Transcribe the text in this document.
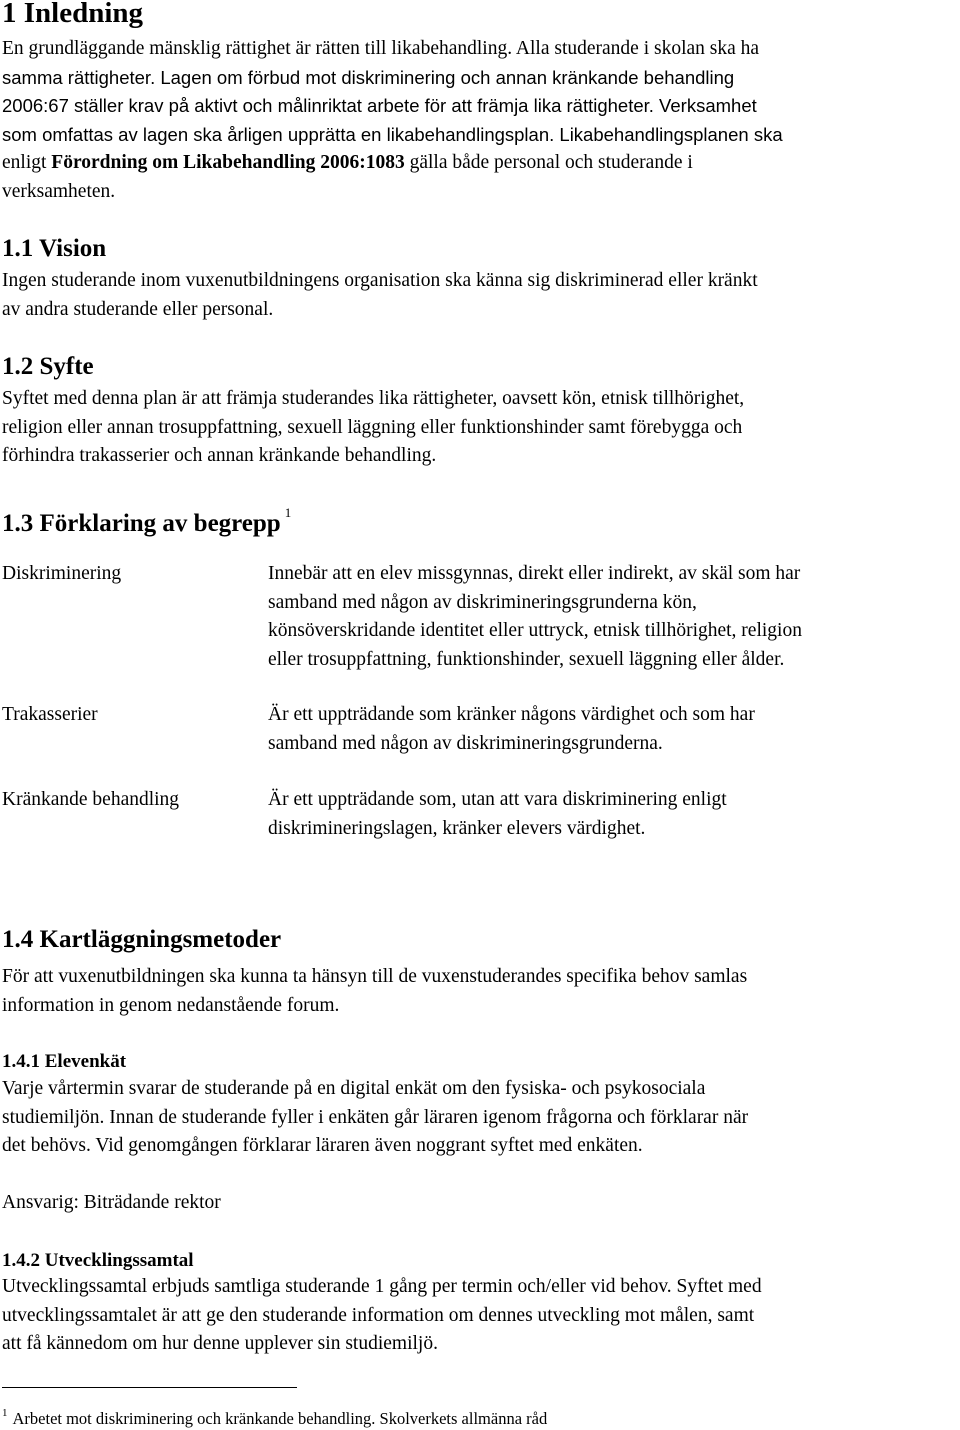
1 Inledning
En grundläggande mänsklig rättighet är rätten till likabehandling. Alla studerande i skolan ska ha
samma rättigheter. Lagen om förbud mot diskriminering och annan kränkande behandling
2006:67 ställer krav på aktivt och målinriktat arbete för att främja lika rättigheter. Verksamhet
som omfattas av lagen ska årligen upprätta en likabehandlingsplan. Likabehandlingsplanen ska
enligt Förordning om Likabehandling 2006:1083 gälla både personal och studerande i
verksamheten.
1.1 Vision
Ingen studerande inom vuxenutbildningens organisation ska känna sig diskriminerad eller kränkt
av andra studerande eller personal.
1.2 Syfte
Syftet med denna plan är att främja studerandes lika rättigheter, oavsett kön, etnisk tillhörighet,
religion eller annan trosuppfattning, sexuell läggning eller funktionshinder samt förebygga och
förhindra trakasserier och annan kränkande behandling.
1.3 Förklaring av begrepp $^1$
Diskriminering	Innebär att en elev missgynnas, direkt eller indirekt, av skäl som har
samband med någon av diskrimineringsgrunderna kön,
könsöverskridande identitet eller uttryck, etnisk tillhörighet, religion
eller trosuppfattning, funktionshinder, sexuell läggning eller ålder.
Trakasserier	Är ett uppträdande som kränker någons värdighet och som har
samband med någon av diskrimineringsgrunderna.
Kränkande behandling	Är ett uppträdande som, utan att vara diskriminering enligt
diskrimineringslagen, kränker elevers värdighet.
1.4 Kartläggningsmetoder
För att vuxenutbildningen ska kunna ta hänsyn till de vuxenstuderandes specifika behov samlas
information in genom nedanstående forum.
1.4.1 Elevenkät
Varje vårtermin svarar de studerande på en digital enkät om den fysiska- och psykosociala
studiemiljön. Innan de studerande fyller i enkäten går läraren igenom frågorna och förklarar när
det behövs. Vid genomgången förklarar läraren även noggrant syftet med enkäten.
Ansvarig: Biträdande rektor
1.4.2 Utvecklingssamtal
Utvecklingssamtal erbjuds samtliga studerande 1 gång per termin och/eller vid behov. Syftet med
utvecklingssamtalet är att ge den studerande information om dennes utveckling mot målen, samt
att få kännedom om hur denne upplever sin studiemiljö.
$^1$ Arbetet mot diskriminering och kränkande behandling. Skolverkets allmänna råd
